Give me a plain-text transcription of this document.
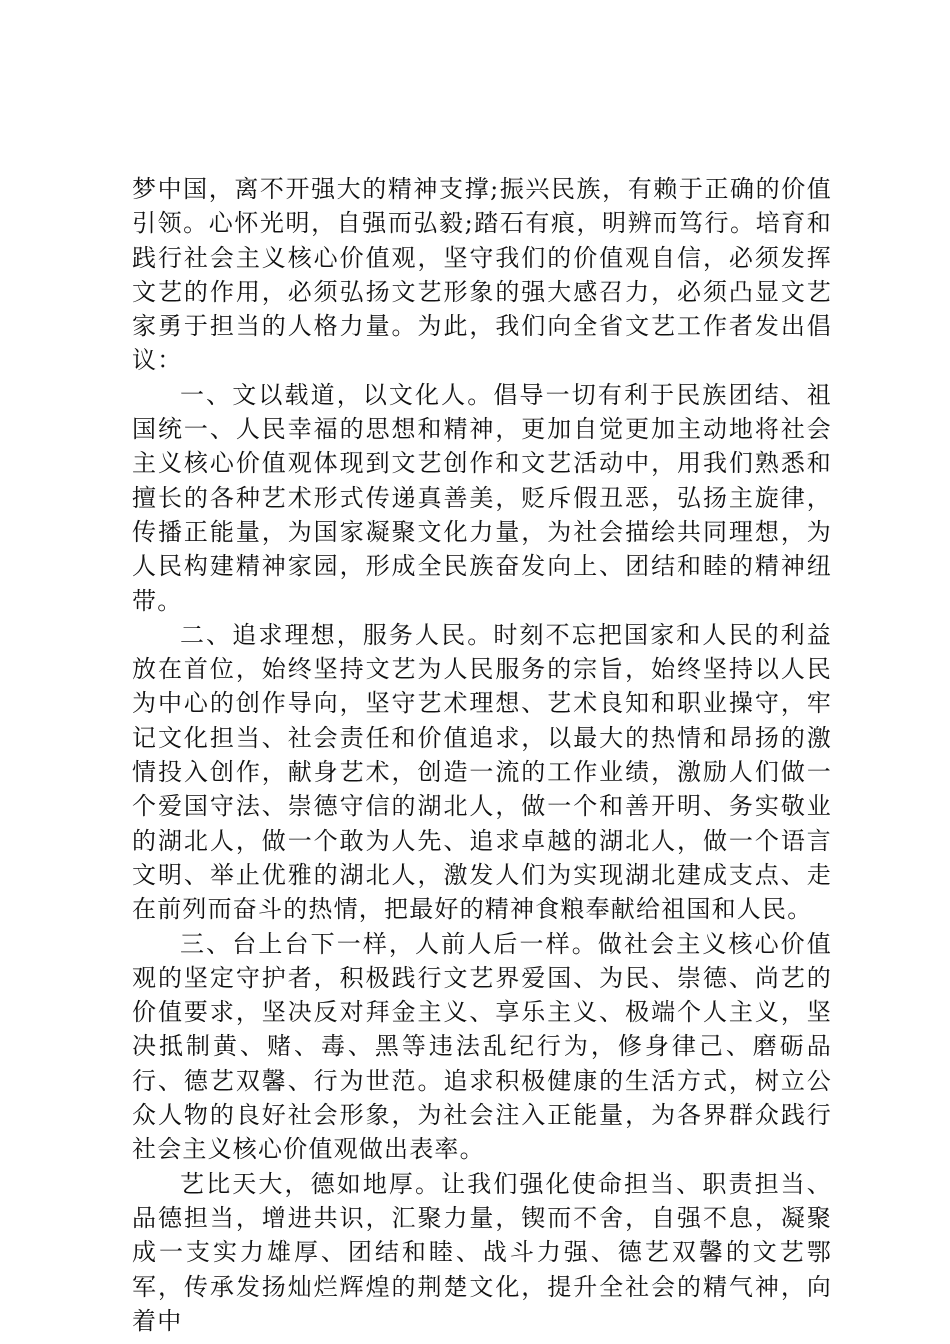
梦中国，离不开强大的精神支撑;振兴民族，有赖于正确的价值引领。心怀光明，自强而弘毅;踏石有痕，明辨而笃行。培育和践行社会主义核心价值观，坚守我们的价值观自信，必须发挥文艺的作用，必须弘扬文艺形象的强大感召力，必须凸显文艺家勇于担当的人格力量。为此，我们向全省文艺工作者发出倡议：

一、文以载道，以文化人。倡导一切有利于民族团结、祖国统一、人民幸福的思想和精神，更加自觉更加主动地将社会主义核心价值观体现到文艺创作和文艺活动中，用我们熟悉和擅长的各种艺术形式传递真善美，贬斥假丑恶，弘扬主旋律，传播正能量，为国家凝聚文化力量，为社会描绘共同理想，为人民构建精神家园，形成全民族奋发向上、团结和睦的精神纽带。

二、追求理想，服务人民。时刻不忘把国家和人民的利益放在首位，始终坚持文艺为人民服务的宗旨，始终坚持以人民为中心的创作导向，坚守艺术理想、艺术良知和职业操守，牢记文化担当、社会责任和价值追求，以最大的热情和昂扬的激情投入创作，献身艺术，创造一流的工作业绩，激励人们做一个爱国守法、崇德守信的湖北人，做一个和善开明、务实敬业的湖北人，做一个敢为人先、追求卓越的湖北人，做一个语言文明、举止优雅的湖北人，激发人们为实现湖北建成支点、走在前列而奋斗的热情，把最好的精神食粮奉献给祖国和人民。

三、台上台下一样，人前人后一样。做社会主义核心价值观的坚定守护者，积极践行文艺界爱国、为民、崇德、尚艺的价值要求，坚决反对拜金主义、享乐主义、极端个人主义，坚决抵制黄、赌、毒、黑等违法乱纪行为，修身律己、磨砺品行、德艺双馨、行为世范。追求积极健康的生活方式，树立公众人物的良好社会形象，为社会注入正能量，为各界群众践行社会主义核心价值观做出表率。

艺比天大，德如地厚。让我们强化使命担当、职责担当、品德担当，增进共识，汇聚力量，锲而不舍，自强不息，凝聚成一支实力雄厚、团结和睦、战斗力强、德艺双馨的文艺鄂军，传承发扬灿烂辉煌的荆楚文化，提升全社会的精气神，向着中
